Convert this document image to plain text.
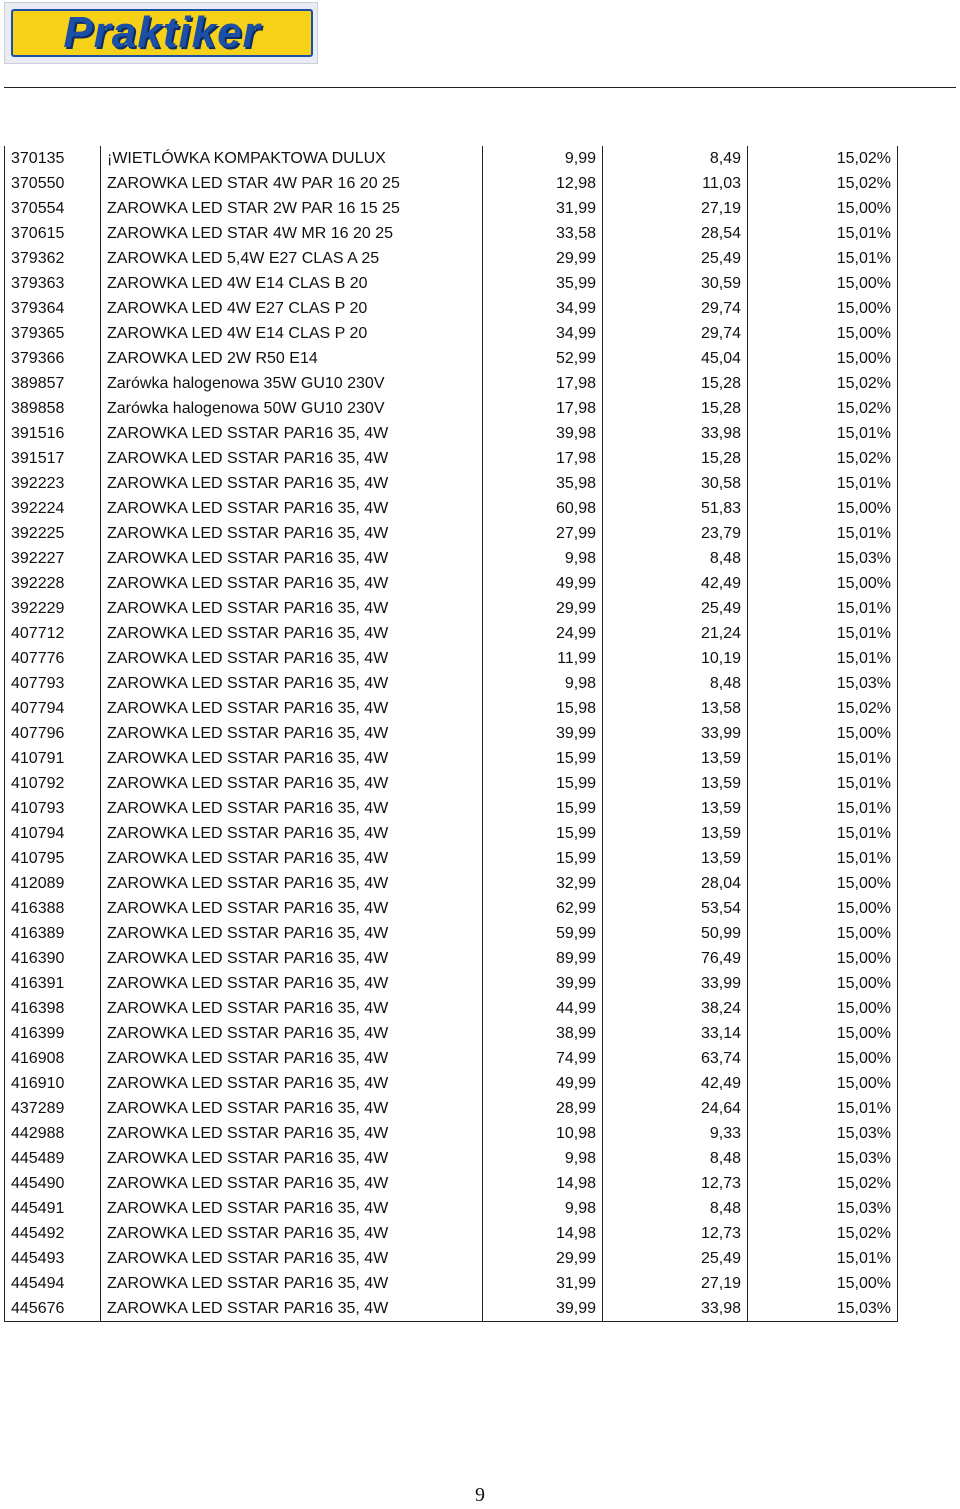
Praktiker
370135	¡WIETLÓWKA KOMPAKTOWA DULUX	9,99	8,49	15,02%
370550	ZAROWKA LED STAR 4W PAR 16 20 25	12,98	11,03	15,02%
370554	ZAROWKA LED STAR 2W PAR 16 15 25	31,99	27,19	15,00%
370615	ZAROWKA LED STAR 4W MR 16 20 25	33,58	28,54	15,01%
379362	ZAROWKA LED 5,4W E27 CLAS A 25	29,99	25,49	15,01%
379363	ZAROWKA LED 4W E14 CLAS B 20	35,99	30,59	15,00%
379364	ZAROWKA LED 4W E27 CLAS P 20	34,99	29,74	15,00%
379365	ZAROWKA LED 4W E14 CLAS P 20	34,99	29,74	15,00%
379366	ZAROWKA LED 2W R50 E14	52,99	45,04	15,00%
389857	Zarówka halogenowa 35W GU10 230V	17,98	15,28	15,02%
389858	Zarówka halogenowa 50W GU10 230V	17,98	15,28	15,02%
391516	ZAROWKA LED SSTAR PAR16 35, 4W	39,98	33,98	15,01%
391517	ZAROWKA LED SSTAR PAR16 35, 4W	17,98	15,28	15,02%
392223	ZAROWKA LED SSTAR PAR16 35, 4W	35,98	30,58	15,01%
392224	ZAROWKA LED SSTAR PAR16 35, 4W	60,98	51,83	15,00%
392225	ZAROWKA LED SSTAR PAR16 35, 4W	27,99	23,79	15,01%
392227	ZAROWKA LED SSTAR PAR16 35, 4W	9,98	8,48	15,03%
392228	ZAROWKA LED SSTAR PAR16 35, 4W	49,99	42,49	15,00%
392229	ZAROWKA LED SSTAR PAR16 35, 4W	29,99	25,49	15,01%
407712	ZAROWKA LED SSTAR PAR16 35, 4W	24,99	21,24	15,01%
407776	ZAROWKA LED SSTAR PAR16 35, 4W	11,99	10,19	15,01%
407793	ZAROWKA LED SSTAR PAR16 35, 4W	9,98	8,48	15,03%
407794	ZAROWKA LED SSTAR PAR16 35, 4W	15,98	13,58	15,02%
407796	ZAROWKA LED SSTAR PAR16 35, 4W	39,99	33,99	15,00%
410791	ZAROWKA LED SSTAR PAR16 35, 4W	15,99	13,59	15,01%
410792	ZAROWKA LED SSTAR PAR16 35, 4W	15,99	13,59	15,01%
410793	ZAROWKA LED SSTAR PAR16 35, 4W	15,99	13,59	15,01%
410794	ZAROWKA LED SSTAR PAR16 35, 4W	15,99	13,59	15,01%
410795	ZAROWKA LED SSTAR PAR16 35, 4W	15,99	13,59	15,01%
412089	ZAROWKA LED SSTAR PAR16 35, 4W	32,99	28,04	15,00%
416388	ZAROWKA LED SSTAR PAR16 35, 4W	62,99	53,54	15,00%
416389	ZAROWKA LED SSTAR PAR16 35, 4W	59,99	50,99	15,00%
416390	ZAROWKA LED SSTAR PAR16 35, 4W	89,99	76,49	15,00%
416391	ZAROWKA LED SSTAR PAR16 35, 4W	39,99	33,99	15,00%
416398	ZAROWKA LED SSTAR PAR16 35, 4W	44,99	38,24	15,00%
416399	ZAROWKA LED SSTAR PAR16 35, 4W	38,99	33,14	15,00%
416908	ZAROWKA LED SSTAR PAR16 35, 4W	74,99	63,74	15,00%
416910	ZAROWKA LED SSTAR PAR16 35, 4W	49,99	42,49	15,00%
437289	ZAROWKA LED SSTAR PAR16 35, 4W	28,99	24,64	15,01%
442988	ZAROWKA LED SSTAR PAR16 35, 4W	10,98	9,33	15,03%
445489	ZAROWKA LED SSTAR PAR16 35, 4W	9,98	8,48	15,03%
445490	ZAROWKA LED SSTAR PAR16 35, 4W	14,98	12,73	15,02%
445491	ZAROWKA LED SSTAR PAR16 35, 4W	9,98	8,48	15,03%
445492	ZAROWKA LED SSTAR PAR16 35, 4W	14,98	12,73	15,02%
445493	ZAROWKA LED SSTAR PAR16 35, 4W	29,99	25,49	15,01%
445494	ZAROWKA LED SSTAR PAR16 35, 4W	31,99	27,19	15,00%
445676	ZAROWKA LED SSTAR PAR16 35, 4W	39,99	33,98	15,03%
9
